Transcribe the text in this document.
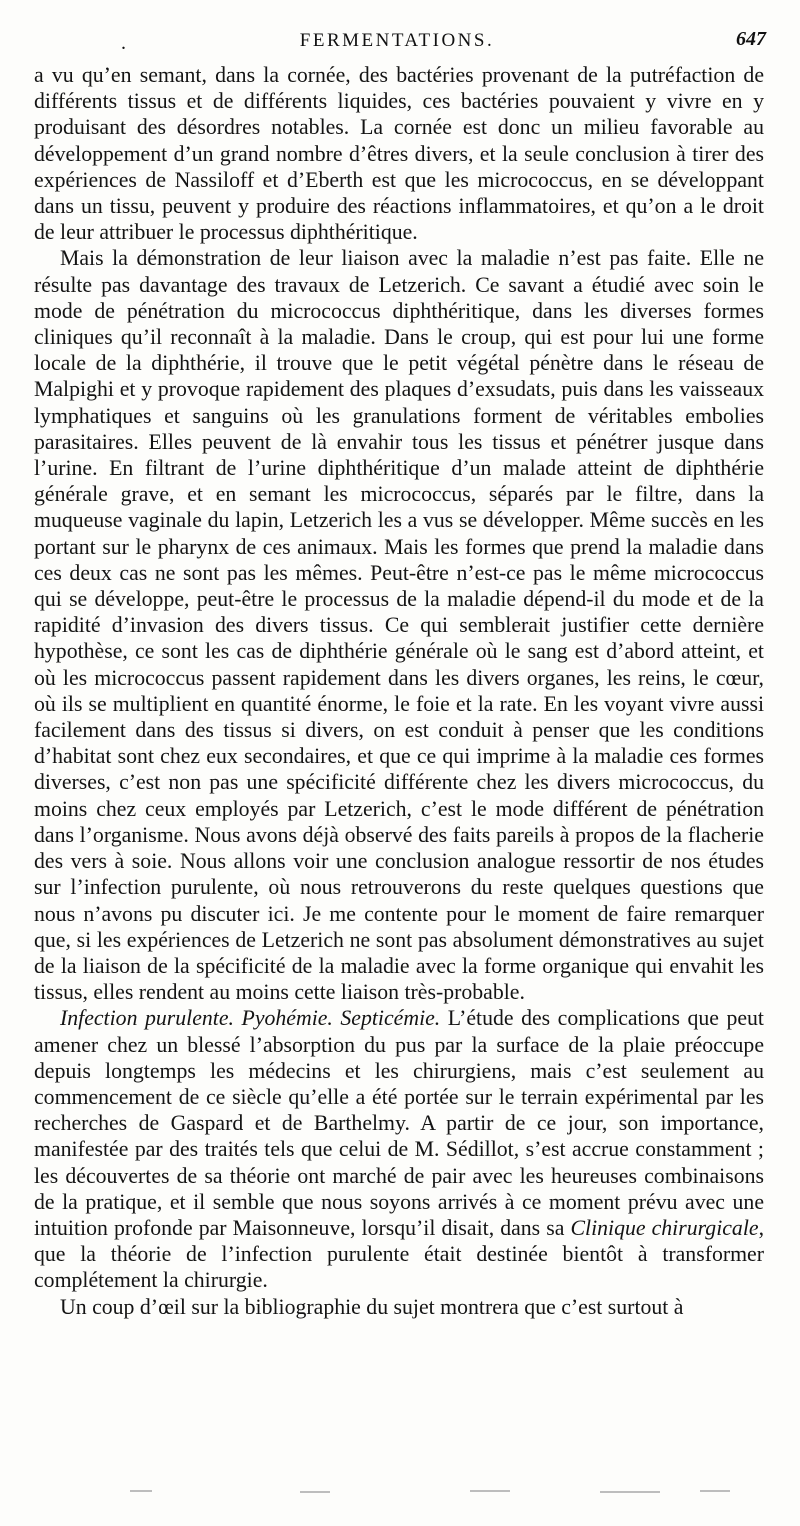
.	FERMENTATIONS.	647

a vu qu’en semant, dans la cornée, des bactéries provenant de la putréfaction de différents tissus et de différents liquides, ces bactéries pouvaient y vivre en y produisant des désordres notables. La cornée est donc un milieu favorable au développement d’un grand nombre d’êtres divers, et la seule conclusion à tirer des expériences de Nassiloff et d’Eberth est que les micrococcus, en se développant dans un tissu, peuvent y produire des réactions inflammatoires, et qu’on a le droit de leur attribuer le processus diphthéritique.

Mais la démonstration de leur liaison avec la maladie n’est pas faite. Elle ne résulte pas davantage des travaux de Letzerich. Ce savant a étudié avec soin le mode de pénétration du micrococcus diphthéritique, dans les diverses formes cliniques qu’il reconnaît à la maladie. Dans le croup, qui est pour lui une forme locale de la diphthérie, il trouve que le petit végétal pénètre dans le réseau de Malpighi et y provoque rapidement des plaques d’exsudats, puis dans les vaisseaux lymphatiques et sanguins où les granulations forment de véritables embolies parasitaires. Elles peuvent de là envahir tous les tissus et pénétrer jusque dans l’urine. En filtrant de l’urine diphthéritique d’un malade atteint de diphthérie générale grave, et en semant les micrococcus, séparés par le filtre, dans la muqueuse vaginale du lapin, Letzerich les a vus se développer. Même succès en les portant sur le pharynx de ces animaux. Mais les formes que prend la maladie dans ces deux cas ne sont pas les mêmes. Peut-être n’est-ce pas le même micrococcus qui se développe, peut-être le processus de la maladie dépend-il du mode et de la rapidité d’invasion des divers tissus. Ce qui semblerait justifier cette dernière hypothèse, ce sont les cas de diphthérie générale où le sang est d’abord atteint, et où les micrococcus passent rapidement dans les divers organes, les reins, le cœur, où ils se multiplient en quantité énorme, le foie et la rate. En les voyant vivre aussi facilement dans des tissus si divers, on est conduit à penser que les conditions d’habitat sont chez eux secondaires, et que ce qui imprime à la maladie ces formes diverses, c’est non pas une spécificité différente chez les divers micrococcus, du moins chez ceux employés par Letzerich, c’est le mode différent de pénétration dans l’organisme. Nous avons déjà observé des faits pareils à propos de la flacherie des vers à soie. Nous allons voir une conclusion analogue ressortir de nos études sur l’infection purulente, où nous retrouverons du reste quelques questions que nous n’avons pu discuter ici. Je me contente pour le moment de faire remarquer que, si les expériences de Letzerich ne sont pas absolument démonstratives au sujet de la liaison de la spécificité de la maladie avec la forme organique qui envahit les tissus, elles rendent au moins cette liaison très-probable.

Infection purulente. Pyohémie. Septicémie. L’étude des complications que peut amener chez un blessé l’absorption du pus par la surface de la plaie préoccupe depuis longtemps les médecins et les chirurgiens, mais c’est seulement au commencement de ce siècle qu’elle a été portée sur le terrain expérimental par les recherches de Gaspard et de Barthelmy. A partir de ce jour, son importance, manifestée par des traités tels que celui de M. Sédillot, s’est accrue constamment ; les découvertes de sa théorie ont marché de pair avec les heureuses combinaisons de la pratique, et il semble que nous soyons arrivés à ce moment prévu avec une intuition profonde par Maisonneuve, lorsqu’il disait, dans sa Clinique chirurgicale, que la théorie de l’infection purulente était destinée bientôt à transformer complétement la chirurgie.

Un coup d’œil sur la bibliographie du sujet montrera que c’est surtout à
